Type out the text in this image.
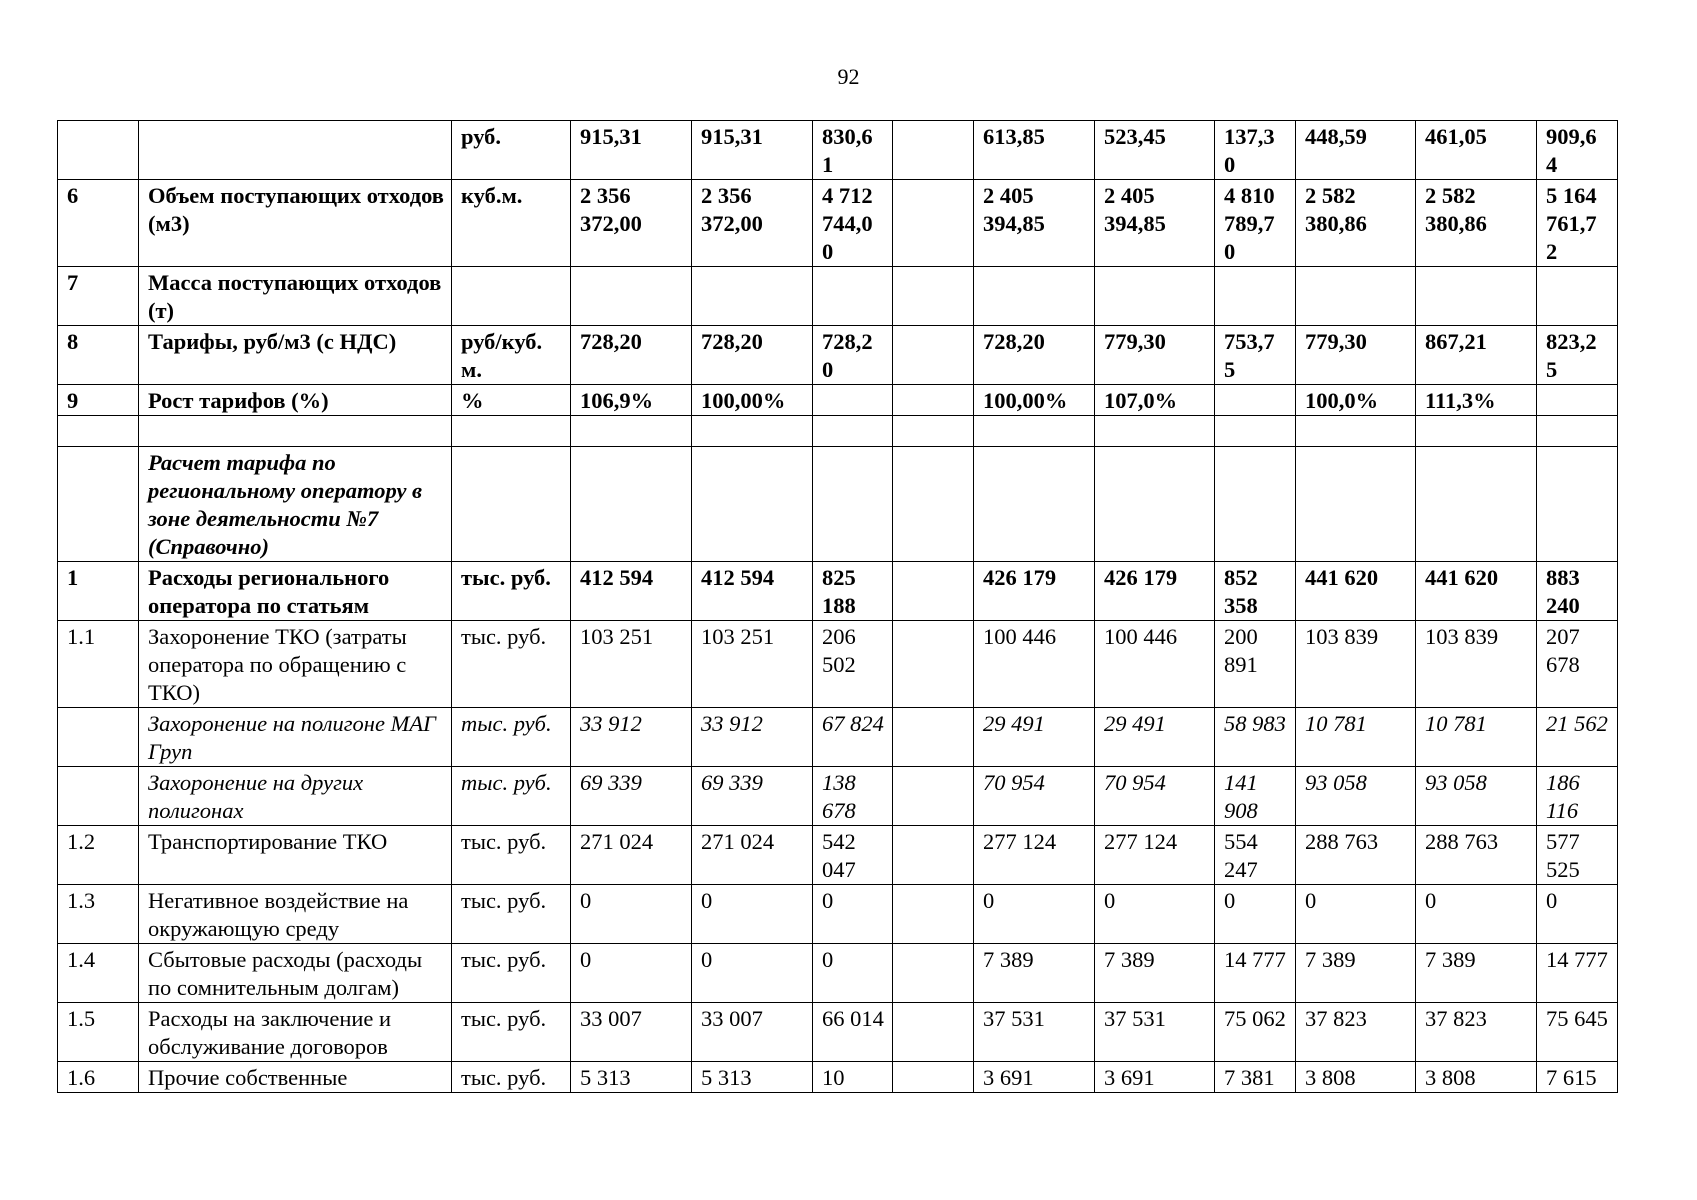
92
		руб.	915,31	915,31	830,6 1		613,85	523,45	137,3 0	448,59	461,05	909,6 4
6	Объем поступающих отходов (м3)	куб.м.	2 356 372,00	2 356 372,00	4 712 744,0 0		2 405 394,85	2 405 394,85	4 810 789,7 0	2 582 380,86	2 582 380,86	5 164 761,7 2
7	Масса поступающих отходов (т)											
8	Тарифы, руб/м3 (с НДС)	руб/куб. м.	728,20	728,20	728,2 0		728,20	779,30	753,7 5	779,30	867,21	823,2 5
9	Рост тарифов (%)	%	106,9%	100,00%			100,00%	107,0%		100,0%	111,3%	

	Расчет тарифа по региональному оператору в зоне деятельности №7 (Справочно)											
1	Расходы регионального оператора по статьям	тыс. руб.	412 594	412 594	825 188		426 179	426 179	852 358	441 620	441 620	883 240
1.1	Захоронение ТКО (затраты оператора по обращению с ТКО)	тыс. руб.	103 251	103 251	206 502		100 446	100 446	200 891	103 839	103 839	207 678
	Захоронение на полигоне МАГ Груп	тыс. руб.	33 912	33 912	67 824		29 491	29 491	58 983	10 781	10 781	21 562
	Захоронение на других полигонах	тыс. руб.	69 339	69 339	138 678		70 954	70 954	141 908	93 058	93 058	186 116
1.2	Транспортирование ТКО	тыс. руб.	271 024	271 024	542 047		277 124	277 124	554 247	288 763	288 763	577 525
1.3	Негативное воздействие на окружающую среду	тыс. руб.	0	0	0		0	0	0	0	0	0
1.4	Сбытовые расходы (расходы по сомнительным долгам)	тыс. руб.	0	0	0		7 389	7 389	14 777	7 389	7 389	14 777
1.5	Расходы на заключение и обслуживание договоров	тыс. руб.	33 007	33 007	66 014		37 531	37 531	75 062	37 823	37 823	75 645
1.6	Прочие собственные	тыс. руб.	5 313	5 313	10		3 691	3 691	7 381	3 808	3 808	7 615
